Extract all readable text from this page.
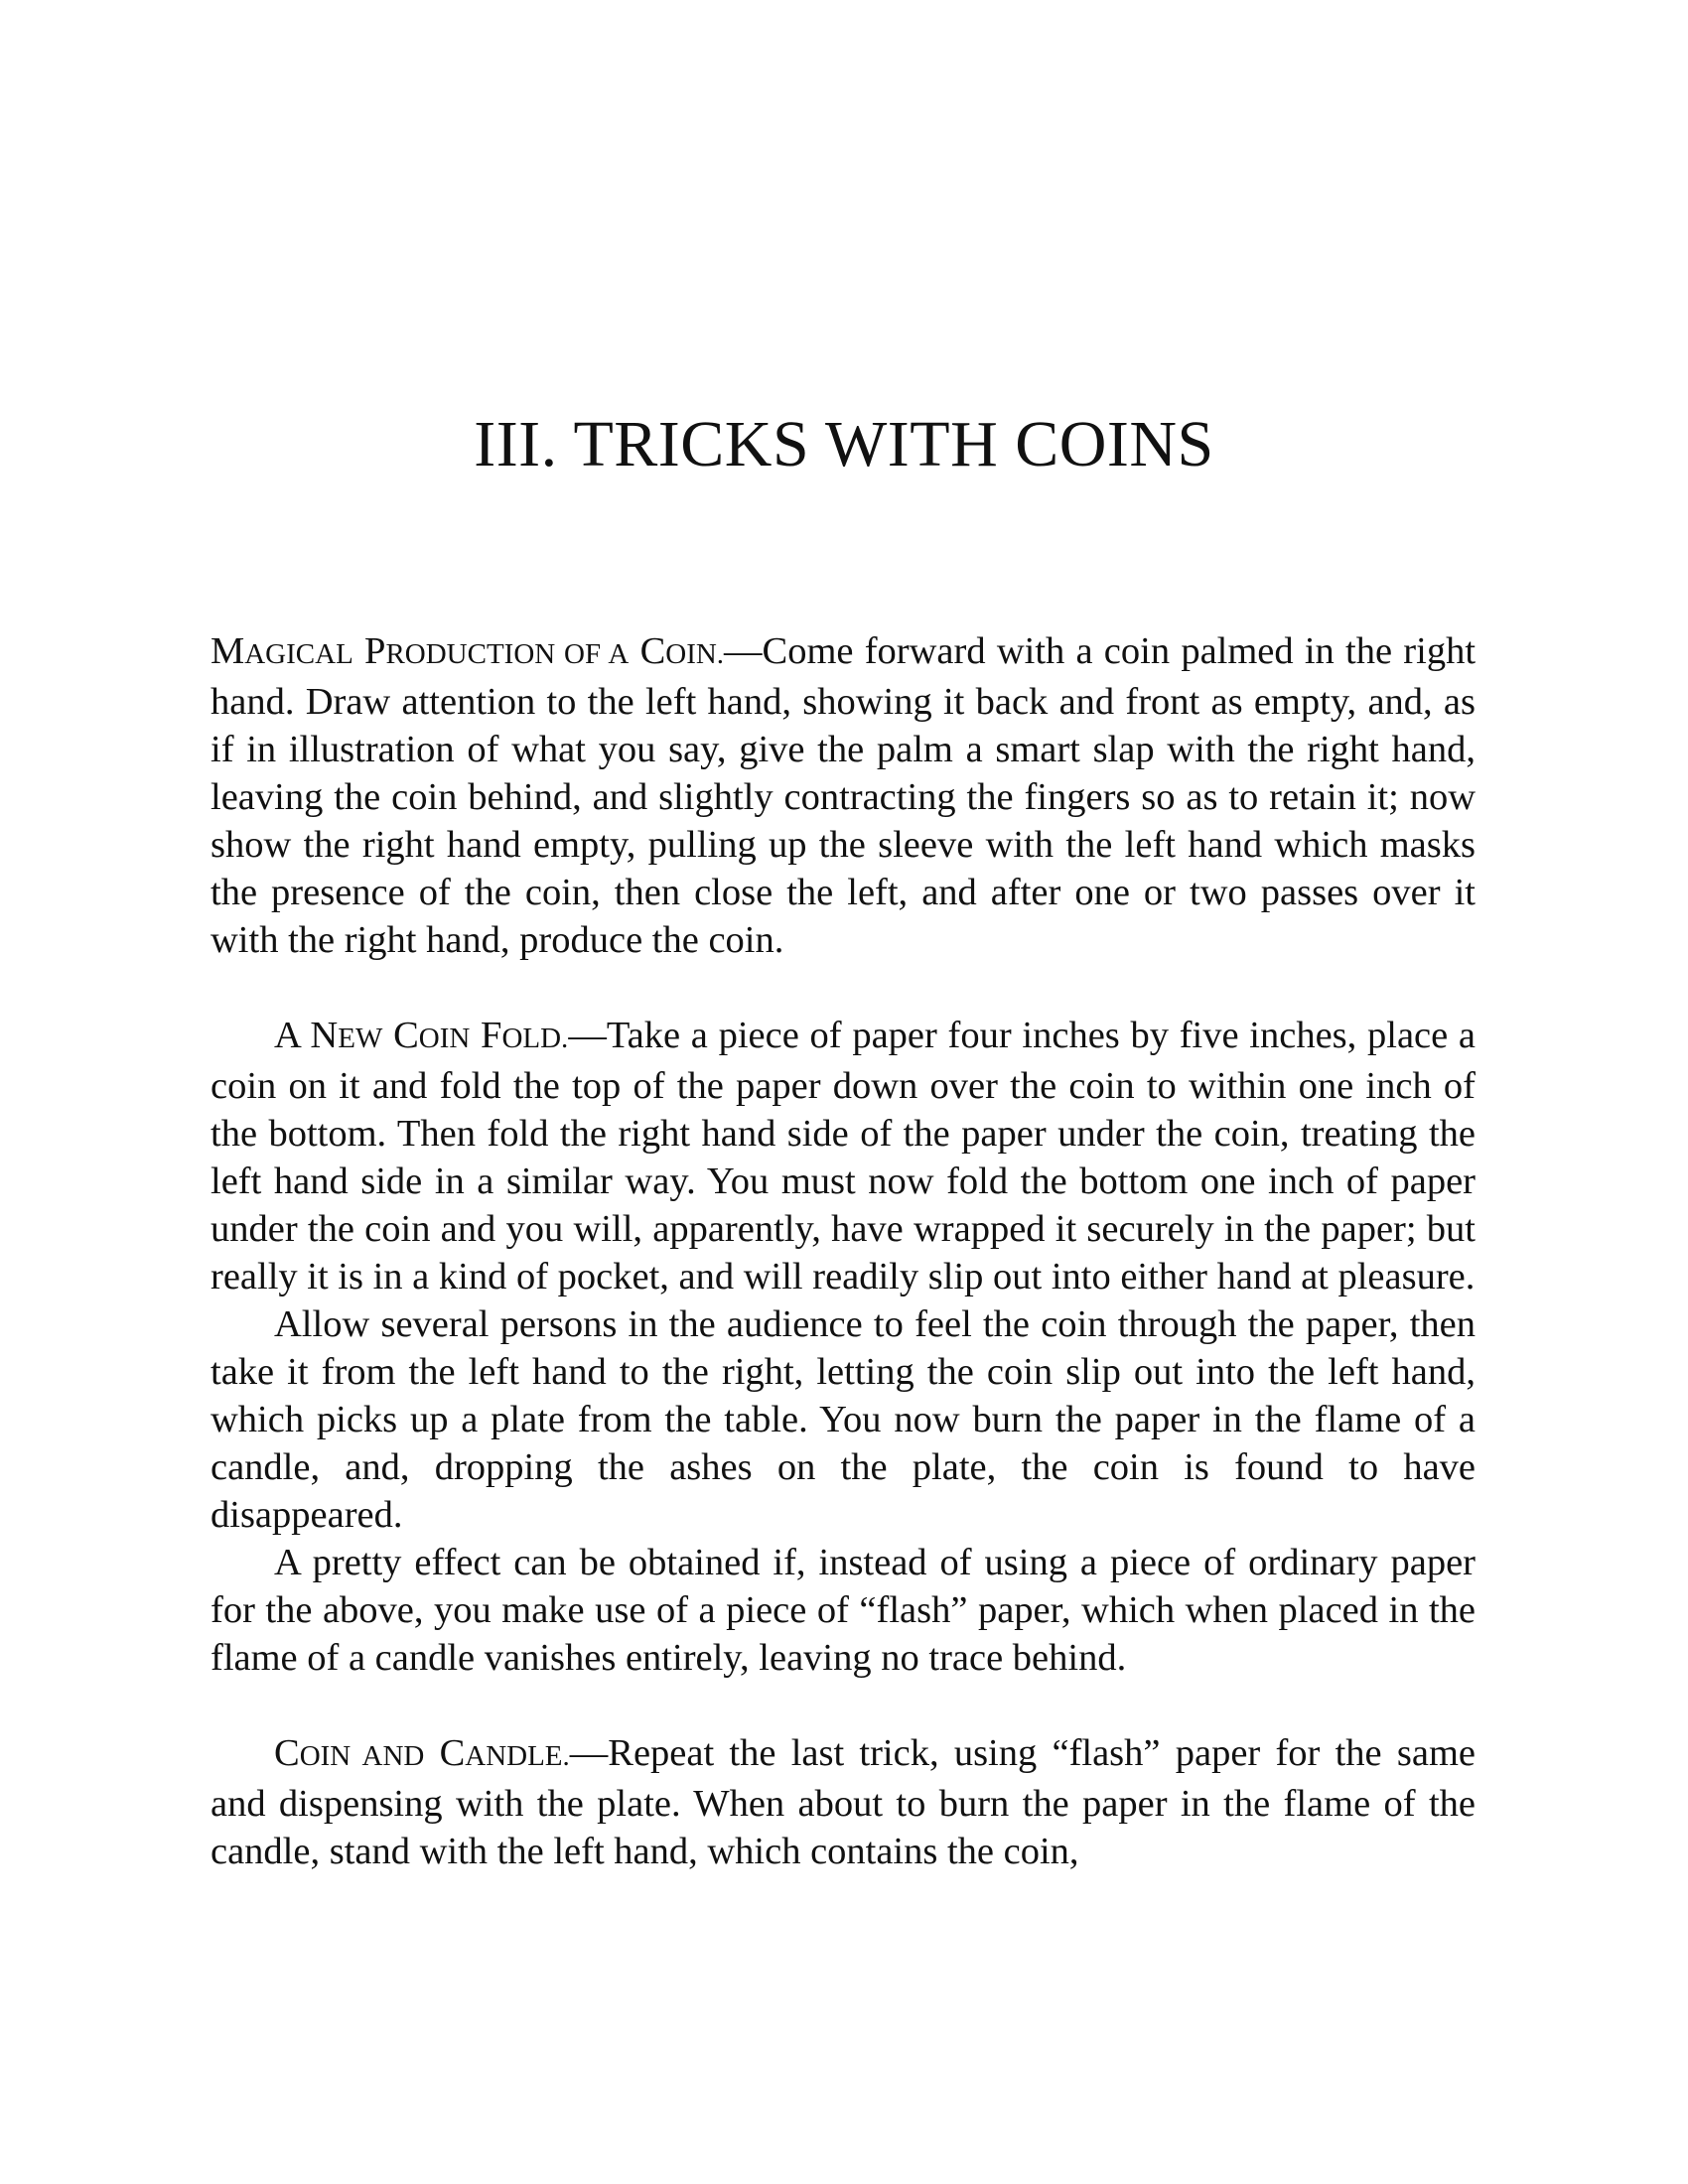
III. TRICKS WITH COINS

MAGICAL PRODUCTION OF A COIN.—Come forward with a coin palmed in the right hand. Draw attention to the left hand, showing it back and front as empty, and, as if in illustration of what you say, give the palm a smart slap with the right hand, leaving the coin behind, and slightly contracting the fingers so as to retain it; now show the right hand empty, pulling up the sleeve with the left hand which masks the presence of the coin, then close the left, and after one or two passes over it with the right hand, produce the coin.

A NEW COIN FOLD.—Take a piece of paper four inches by five inches, place a coin on it and fold the top of the paper down over the coin to within one inch of the bottom. Then fold the right hand side of the paper under the coin, treating the left hand side in a similar way. You must now fold the bottom one inch of paper under the coin and you will, apparently, have wrapped it securely in the paper; but really it is in a kind of pocket, and will readily slip out into either hand at pleasure.

Allow several persons in the audience to feel the coin through the paper, then take it from the left hand to the right, letting the coin slip out into the left hand, which picks up a plate from the table. You now burn the paper in the flame of a candle, and, dropping the ashes on the plate, the coin is found to have disappeared.

A pretty effect can be obtained if, instead of using a piece of ordinary paper for the above, you make use of a piece of “flash” paper, which when placed in the flame of a candle vanishes entirely, leaving no trace behind.

COIN AND CANDLE.—Repeat the last trick, using “flash” paper for the same and dispensing with the plate. When about to burn the paper in the flame of the candle, stand with the left hand, which contains the coin,
